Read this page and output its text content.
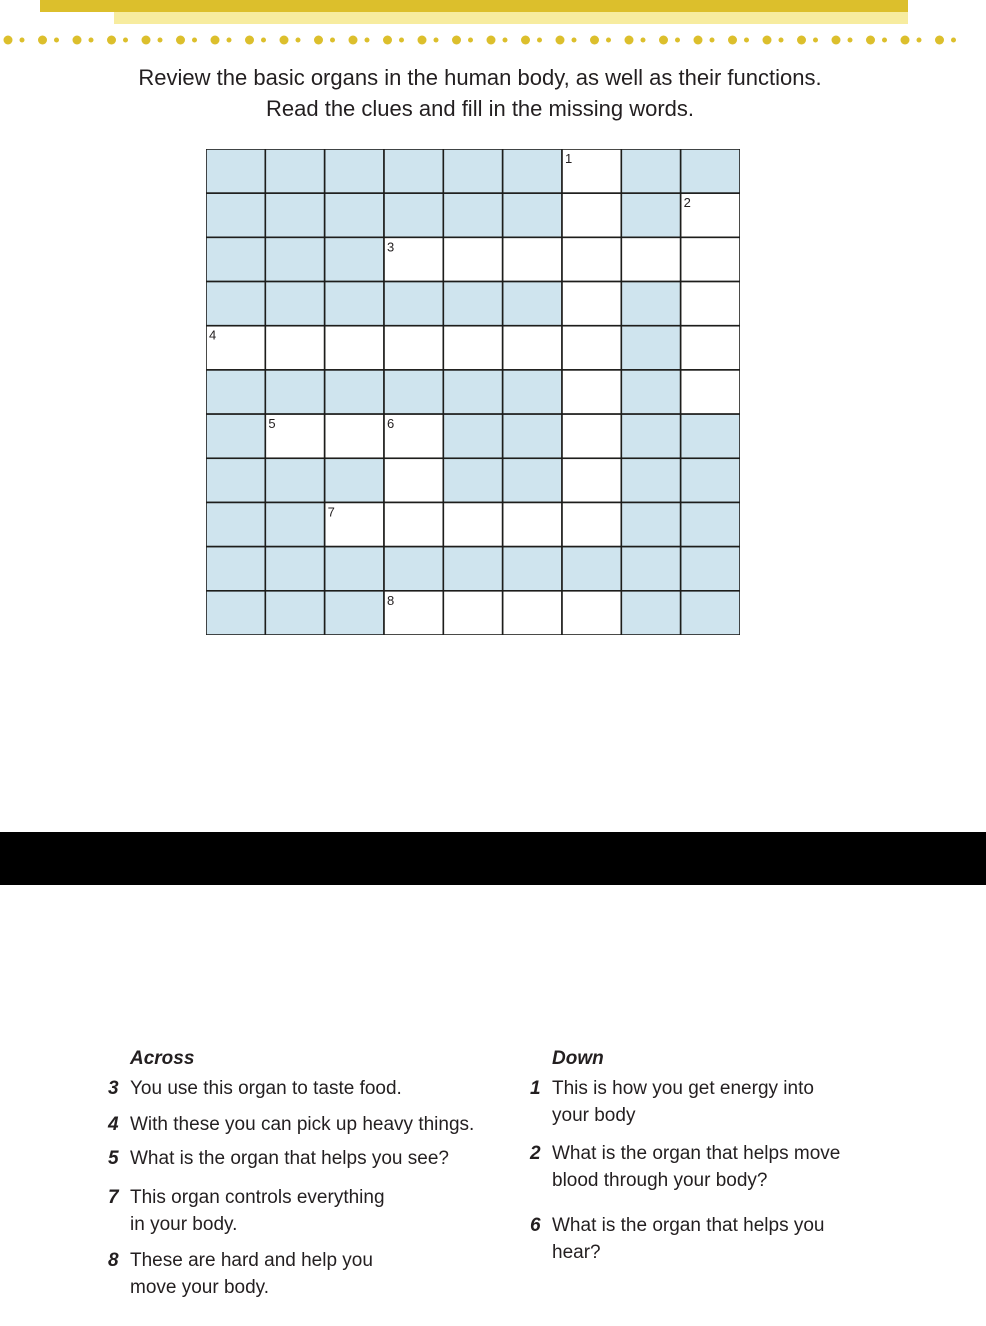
Review the basic organs in the human body, as well as their functions.
Read the clues and fill in the missing words.
1
2
3
4
5	6
7
8
Across
3 You use this organ to taste food.
4 With these you can pick up heavy things.
5 What is the organ that helps you see?
7 This organ controls everything
in your body.
8 These are hard and help you
move your body.
Down
1 This is how you get energy into
your body
2 What is the organ that helps move
blood through your body?
6 What is the organ that helps you
hear?
